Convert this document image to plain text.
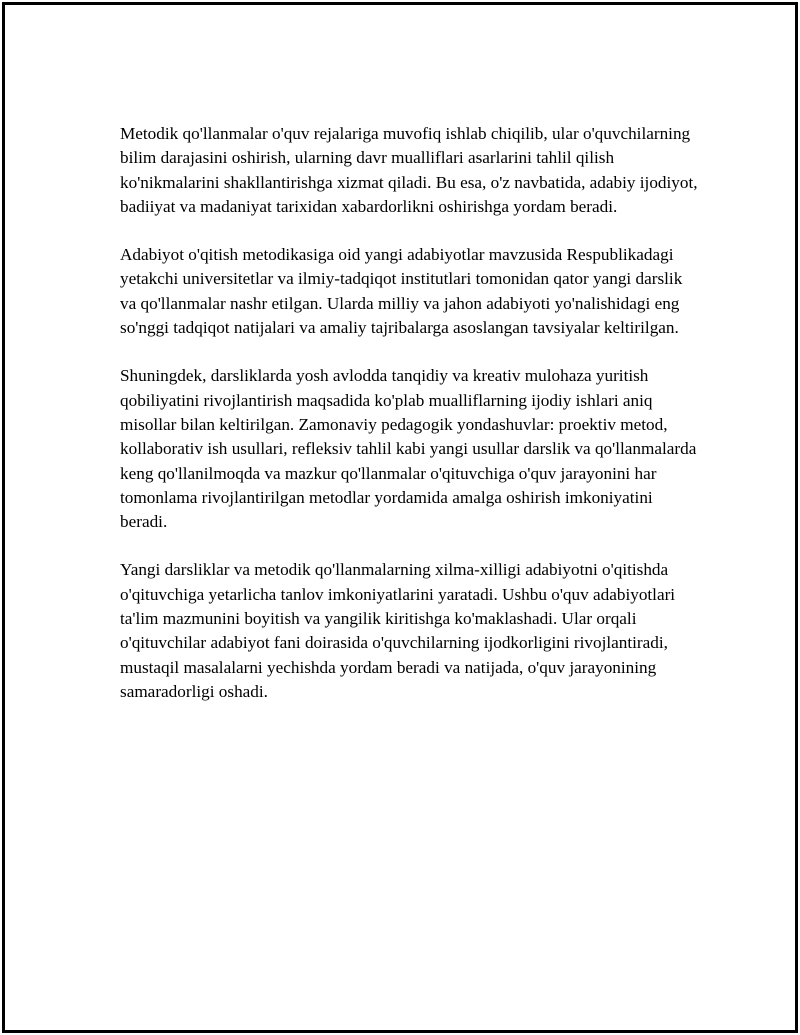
Metodik qo'llanmalar o'quv rejalariga muvofiq ishlab chiqilib, ular o'quvchilarning bilim darajasini oshirish, ularning davr mualliflari asarlarini tahlil qilish ko'nikmalarini shakllantirishga xizmat qiladi. Bu esa, o'z navbatida, adabiy ijodiyot, badiiyat va madaniyat tarixidan xabardorlikni oshirishga yordam beradi.

Adabiyot o'qitish metodikasiga oid yangi adabiyotlar mavzusida Respublikadagi yetakchi universitetlar va ilmiy-tadqiqot institutlari tomonidan qator yangi darslik va qo'llanmalar nashr etilgan. Ularda milliy va jahon adabiyoti yo'nalishidagi eng so'nggi tadqiqot natijalari va amaliy tajribalarga asoslangan tavsiyalar keltirilgan.

Shuningdek, darsliklarda yosh avlodda tanqidiy va kreativ mulohaza yuritish qobiliyatini rivojlantirish maqsadida ko'plab mualliflarning ijodiy ishlari aniq misollar bilan keltirilgan. Zamonaviy pedagogik yondashuvlar: proektiv metod, kollaborativ ish usullari, refleksiv tahlil kabi yangi usullar darslik va qo'llanmalarda keng qo'llanilmoqda va mazkur qo'llanmalar o'qituvchiga o'quv jarayonini har tomonlama rivojlantirilgan metodlar yordamida amalga oshirish imkoniyatini beradi.

Yangi darsliklar va metodik qo'llanmalarning xilma-xilligi adabiyotni o'qitishda o'qituvchiga yetarlicha tanlov imkoniyatlarini yaratadi. Ushbu o'quv adabiyotlari ta'lim mazmunini boyitish va yangilik kiritishga ko'maklashadi. Ular orqali o'qituvchilar adabiyot fani doirasida o'quvchilarning ijodkorligini rivojlantiradi, mustaqil masalalarni yechishda yordam beradi va natijada, o'quv jarayonining samaradorligi oshadi.
